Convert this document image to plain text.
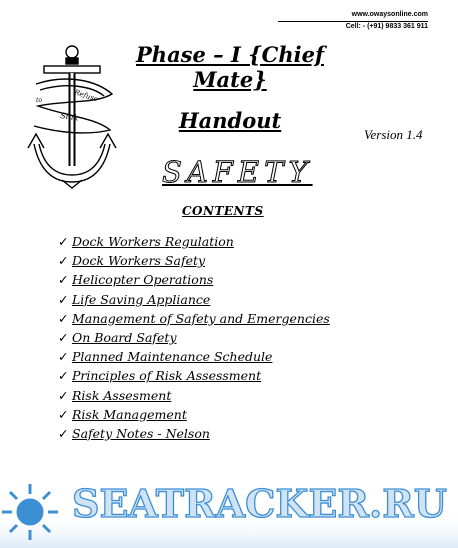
www.owaysonline.com
Cell: - (+91) 9833 361 911
Refuse
to
Sink
Phase – I {Chief Mate}
Handout
Version 1.4
SAFETY
CONTENTS
✓ Dock Workers Regulation
✓ Dock Workers Safety
✓ Helicopter Operations
✓ Life Saving Appliance
✓ Management of Safety and Emergencies
✓ On Board Safety
✓ Planned Maintenance Schedule
✓ Principles of Risk Assessment
✓ Risk Assesment
✓ Risk Management
✓ Safety Notes - Nelson
SEATRACKER.RU
